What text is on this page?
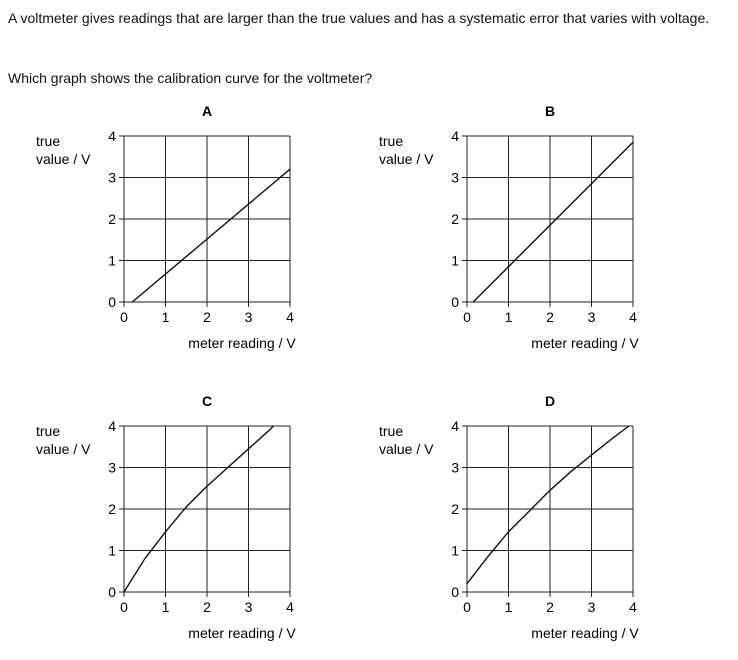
A voltmeter gives readings that are larger than the true values and has a systematic error that varies with voltage.

Which graph shows the calibration curve for the voltmeter?

A
0 1 2 3 4
0
1
2
3
4
true value / V
meter reading / V
B
0 1 2 3 4
0
1
2
3
4
true value / V
meter reading / V
C
0 1 2 3 4
0
1
2
3
4
true value / V
meter reading / V
D
0 1 2 3 4
0
1
2
3
4
true value / V
meter reading / V
